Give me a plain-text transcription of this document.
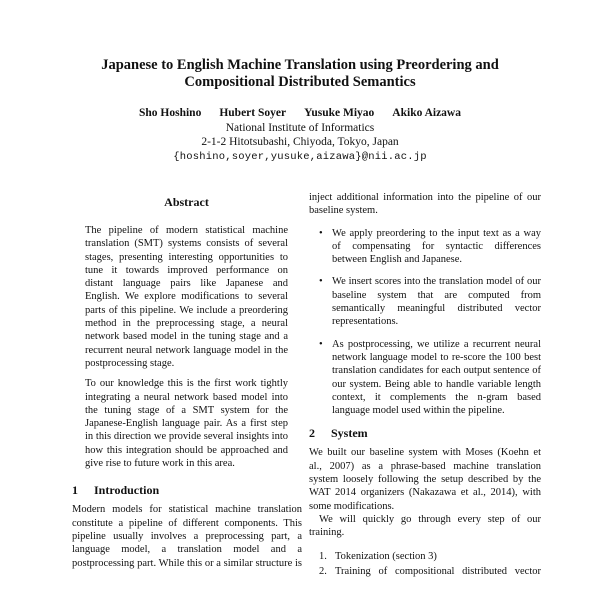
Japanese to English Machine Translation using Preordering and Compositional Distributed Semantics
Sho Hoshino Hubert Soyer Yusuke Miyao Akiko Aizawa
National Institute of Informatics
2-1-2 Hitotsubashi, Chiyoda, Tokyo, Japan
{hoshino,soyer,yusuke,aizawa}@nii.ac.jp
Abstract

The pipeline of modern statistical machine translation (SMT) systems consists of several stages, presenting interesting opportunities to tune it towards improved performance on distant language pairs like Japanese and English. We explore modifications to several parts of this pipeline. We include a preordering method in the preprocessing stage, a neural network based model in the tuning stage and a recurrent neural network language model in the postprocessing stage.

To our knowledge this is the first work tightly integrating a neural network based model into the tuning stage of a SMT system for the Japanese-English language pair. As a first step in this direction we provide several insights into how this integration should be approached and give rise to future work in this area.

1 Introduction

Modern models for statistical machine translation constitute a pipeline of different components. This pipeline usually involves a preprocessing part, a language model, a translation model and a postprocessing part. While this or a similar structure is

inject additional information into the pipeline of our baseline system.

• We apply preordering to the input text as a way of compensating for syntactic differences between English and Japanese.
• We insert scores into the translation model of our baseline system that are computed from semantically meaningful distributed vector representations.
• As postprocessing, we utilize a recurrent neural network language model to re-score the 100 best translation candidates for each output sentence of our system. Being able to handle variable length context, it complements the n-gram based language model used within the pipeline.
2 System

We built our baseline system with Moses (Koehn et al., 2007) as a phrase-based machine translation system loosely following the setup described by the WAT 2014 organizers (Nakazawa et al., 2014), with some modifications.

We will quickly go through every step of our training.

1. Tokenization (section 3)
2. Training of compositional distributed vector
